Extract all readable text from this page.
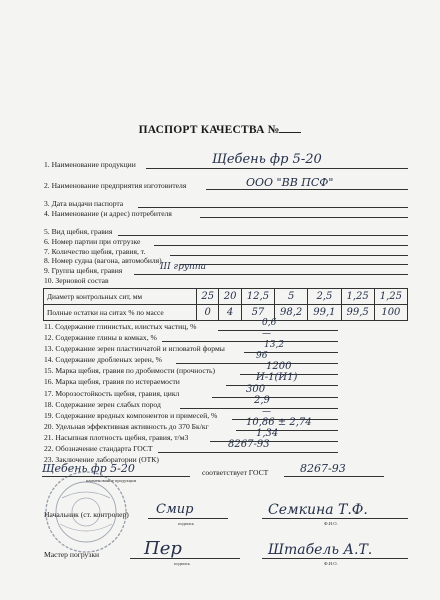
ПАСПОРТ КАЧЕСТВА №
1. Наименование продукции	Щебень фр 5-20
2. Наименование предприятия изготовителя	ООО "ВВ ПСФ"
3. Дата выдачи паспорта
4. Наименование (и адрес) потребителя
5. Вид щебня, гравия
6. Номер партии при отгрузке
7. Количество щебня, гравия, т.
8. Номер судна (вагона, автомобиля)
9. Группа щебня, гравия	III группа
10. Зерновой состав
Диаметр контрольных сит, мм	25	20	12,5	5	2,5	1,25	1,25
Полные остатки на ситах % по массе	0	4	57	98,2	99,1	99,5	100
11. Содержание глинистых, илистых частиц, %	0,6
12. Содержание глины в комках, %	—
13. Содержание зерен пластинчатой и игловатой формы	13,2
14. Содержание дробленых зерен, %	96
15. Марка щебня, гравия по дробимости (прочность)	1200
16. Марка щебня, гравия по истераемости	И-1(И1)
17. Морозостойкость щебня, гравия, цикл	300
18. Содержание зерен слабых пород	2,9
19. Содержание вредных компонентов и примесей, %	—
20. Удельная эффективная активность до 370 Бк/кг	10,86 ± 2,74
21. Насыпная плотность щебня, гравия, т/м3	1,34
22. Обозначение стандарта ГОСТ	8267-93
23. Заключение лаборатории (ОТК)
Щебень фр 5-20
наименование продукции
соответствует ГОСТ	8267-93
Начальник (ст. контролер) Смир
подпись
Семкина Т.Ф.
Ф.И.О.
Мастер погрузки Пер
подпись
Штабель А.Т.
Ф.И.О.
